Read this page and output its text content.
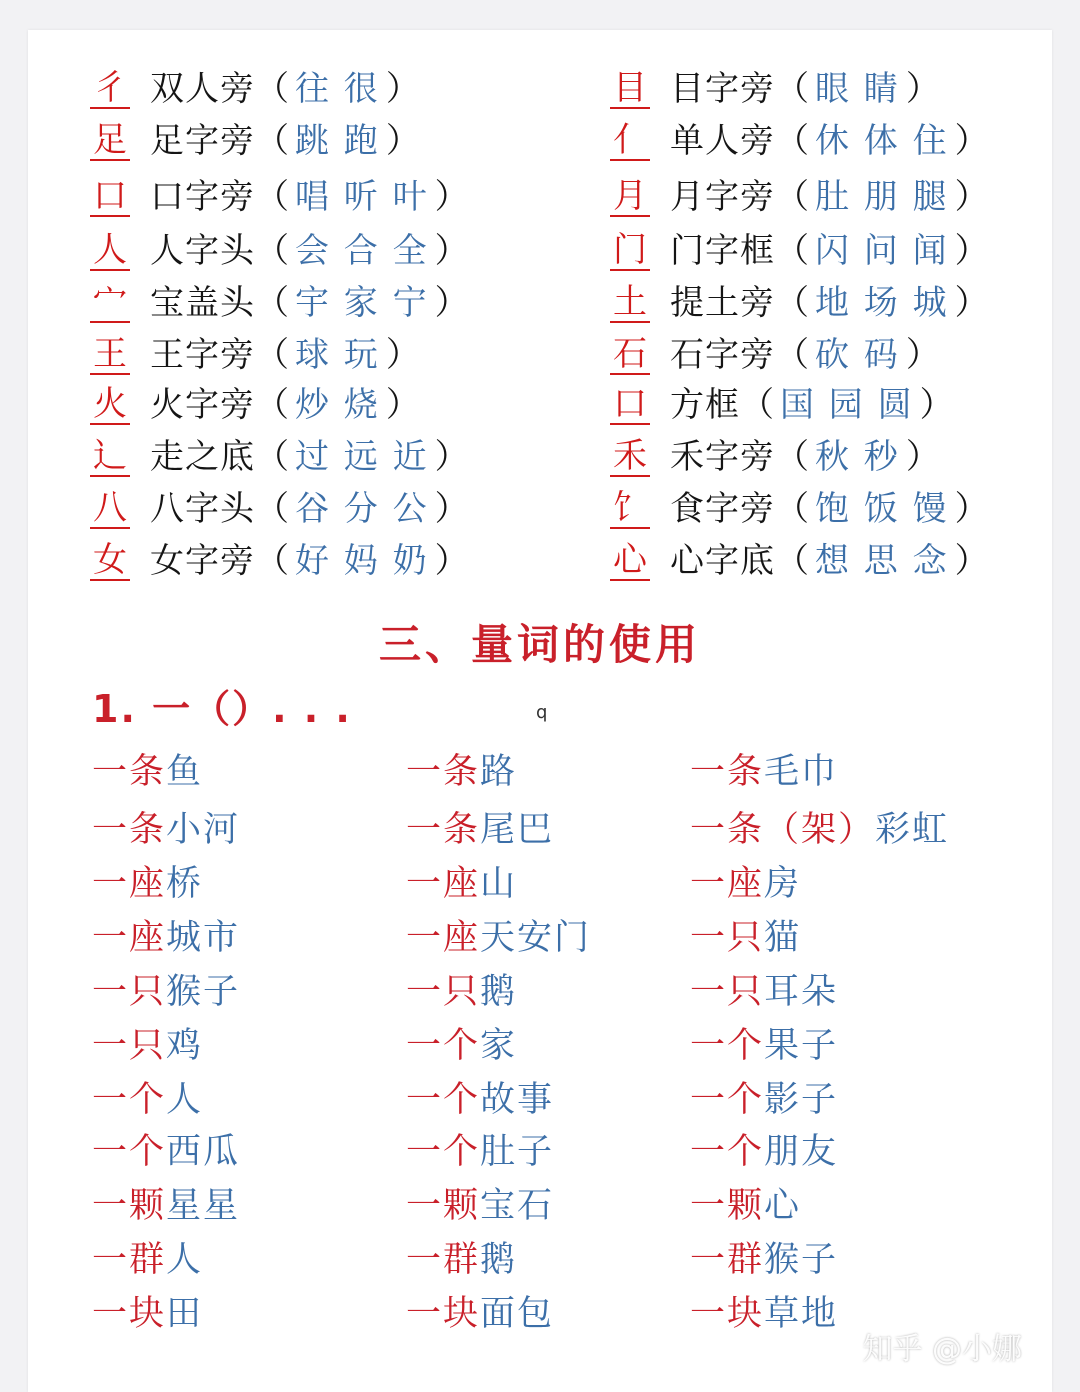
彳 双人旁 （ 往 很 ）
足 足字旁 （ 跳 跑 ）
口 口字旁 （ 唱 听 叶 ）
人 人字头 （ 会 合 全 ）
宀 宝盖头 （ 宇 家 宁 ）
王 王字旁 （ 球 玩 ）
火 火字旁 （ 炒 烧 ）
辶 走之底 （ 过 远 近 ）
八 八字头 （ 谷 分 公 ）
女 女字旁 （ 好 妈 奶 ）
目 目字旁 （ 眼 睛 ）
亻 单人旁 （ 休 体 住 ）
月 月字旁 （ 肚 朋 腿 ）
门 门字框 （ 闪 问 闻 ）
土 提土旁 （ 地 场 城 ）
石 石字旁 （ 砍 码 ）
口 方框 （ 国 园 圆 ）
禾 禾字旁 （ 秋 秒 ）
饣 食字旁 （ 饱 饭 馒 ）
心 心字底 （ 想 思 念 ）
三、量词的使用
1. 一（）. . .	q
一条鱼	一条路	一条毛巾
一条小河	一条尾巴	一条（架）彩虹
一座桥	一座山	一座房
一座城市	一座天安门	一只猫
一只猴子	一只鹅	一只耳朵
一只鸡	一个家	一个果子
一个人	一个故事	一个影子
一个西瓜	一个肚子	一个朋友
一颗星星	一颗宝石	一颗心
一群人	一群鹅	一群猴子
一块田	一块面包	一块草地
知乎 @小娜
